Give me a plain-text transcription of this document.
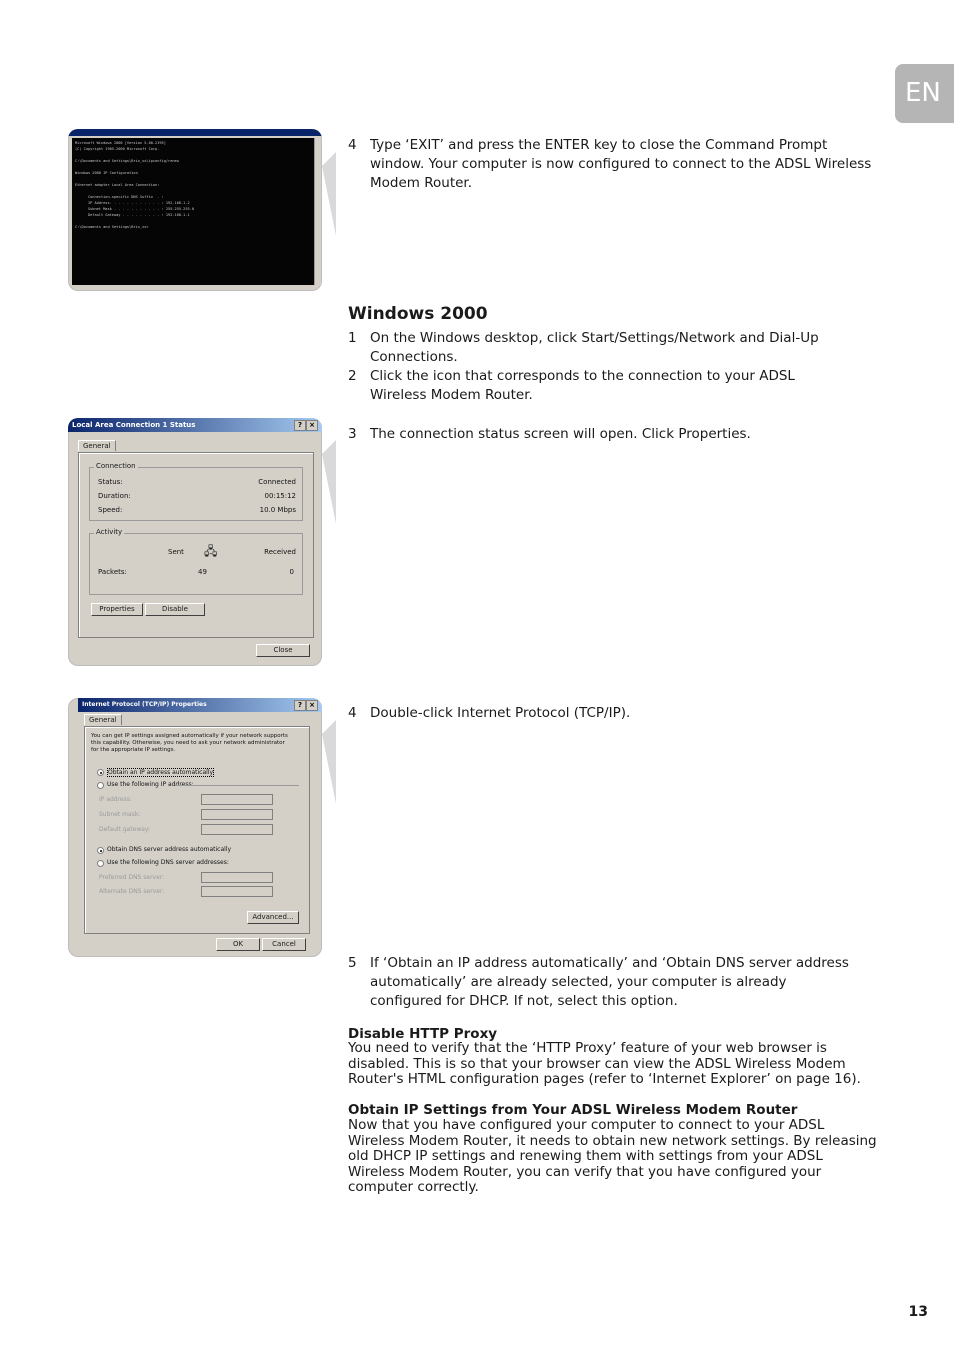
EN
Microsoft Windows 2000 [Version 5.00.2195]
(C) Copyright 1985-2000 Microsoft Corp.

C:\Documents and Settings\Brix_xx\ipconfig/renew

Windows 2000 IP Configuration

Ethernet adapter Local Area Connection:

Connection-specific DNS Suffix  . :
IP Address. . . . . . . . . . . . : 192.168.1.2
Subnet Mask . . . . . . . . . . . : 255.255.255.0
Default Gateway . . . . . . . . . : 192.168.1.1

C:\Documents and Settings\Brix_xx>
4 Type ‘EXIT’ and press the ENTER key to close the Command Prompt window. Your computer is now configured to connect to the ADSL Wireless Modem Router.
Windows 2000
1 On the Windows desktop, click Start/Settings/Network and Dial-Up Connections.
2 Click the icon that corresponds to the connection to your ADSL Wireless Modem Router.
3 The connection status screen will open. Click Properties.
Local Area Connection 1 Status	?	×
General
Connection
Status:	Connected
Duration:	00:15:12
Speed:	10.0 Mbps
Activity
Sent 🖧	Received
Packets:	49	0
Properties	Disable
Close
Internet Protocol (TCP/IP) Properties	?	×
General
You can get IP settings assigned automatically if your network supports this capability. Otherwise, you need to ask your network administrator for the appropriate IP settings.
Obtain an IP address automatically
Use the following IP address:
IP address:
Subnet mask:
Default gateway:
Obtain DNS server address automatically
Use the following DNS server addresses:
Preferred DNS server:
Alternate DNS server:
Advanced...
OK	Cancel
4 Double-click Internet Protocol (TCP/IP).
5 If ‘Obtain an IP address automatically’ and ‘Obtain DNS server address automatically’ are already selected, your computer is already configured for DHCP. If not, select this option.
Disable HTTP Proxy
You need to verify that the ‘HTTP Proxy’ feature of your web browser is disabled. This is so that your browser can view the ADSL Wireless Modem Router's HTML configuration pages (refer to ‘Internet Explorer’ on page 16).
Obtain IP Settings from Your ADSL Wireless Modem Router
Now that you have configured your computer to connect to your ADSL Wireless Modem Router, it needs to obtain new network settings. By releasing old DHCP IP settings and renewing them with settings from your ADSL Wireless Modem Router, you can verify that you have configured your computer correctly.
13
